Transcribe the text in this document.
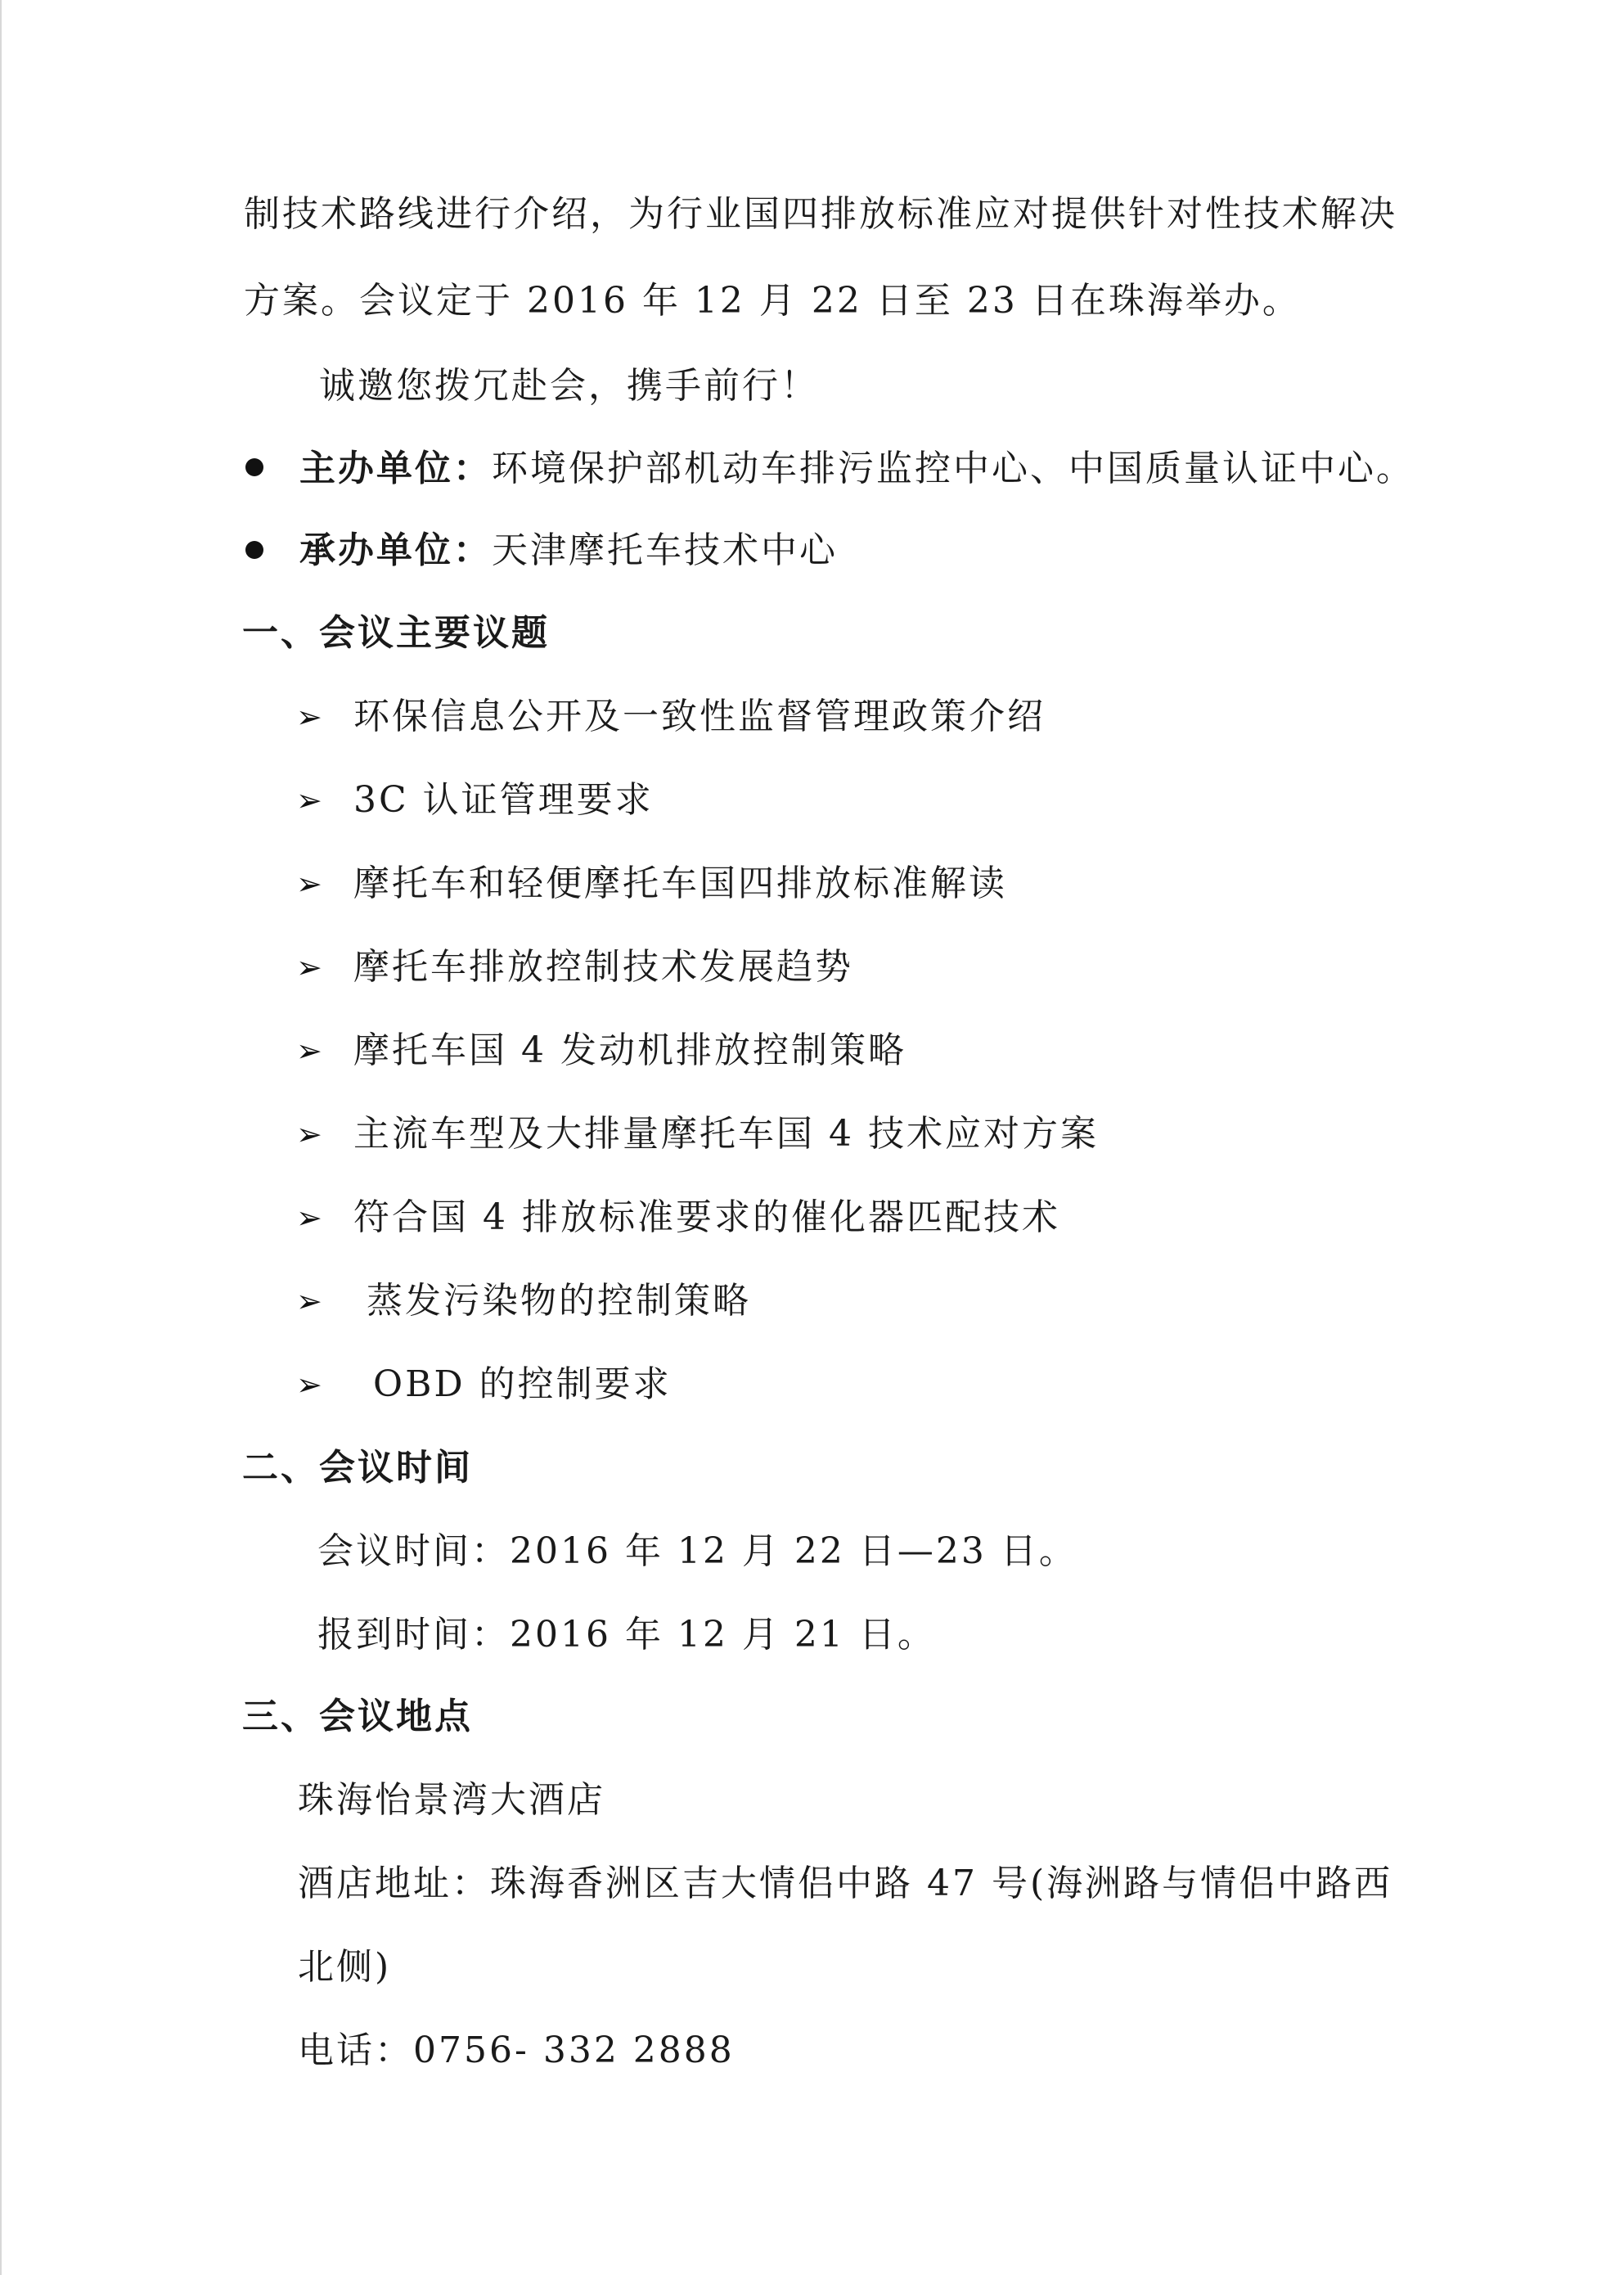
制技术路线进行介绍，为行业国四排放标准应对提供针对性技术解决
方案。会议定于 2016 年 12 月 22 日至 23 日在珠海举办。
诚邀您拨冗赴会，携手前行！
主办单位：环境保护部机动车排污监控中心、中国质量认证中心。
承办单位：天津摩托车技术中心
一、会议主要议题
➢ 环保信息公开及一致性监督管理政策介绍
➢ 3C 认证管理要求
➢ 摩托车和轻便摩托车国四排放标准解读
➢ 摩托车排放控制技术发展趋势
➢ 摩托车国 4 发动机排放控制策略
➢ 主流车型及大排量摩托车国 4 技术应对方案
➢ 符合国 4 排放标准要求的催化器匹配技术
➢ 蒸发污染物的控制策略
➢ OBD 的控制要求
二、会议时间
会议时间：2016 年 12 月 22 日—23 日。
报到时间：2016 年 12 月 21 日。
三、会议地点
珠海怡景湾大酒店
酒店地址：珠海香洲区吉大情侣中路 47 号(海洲路与情侣中路西
北侧)
电话：0756- 332 2888
